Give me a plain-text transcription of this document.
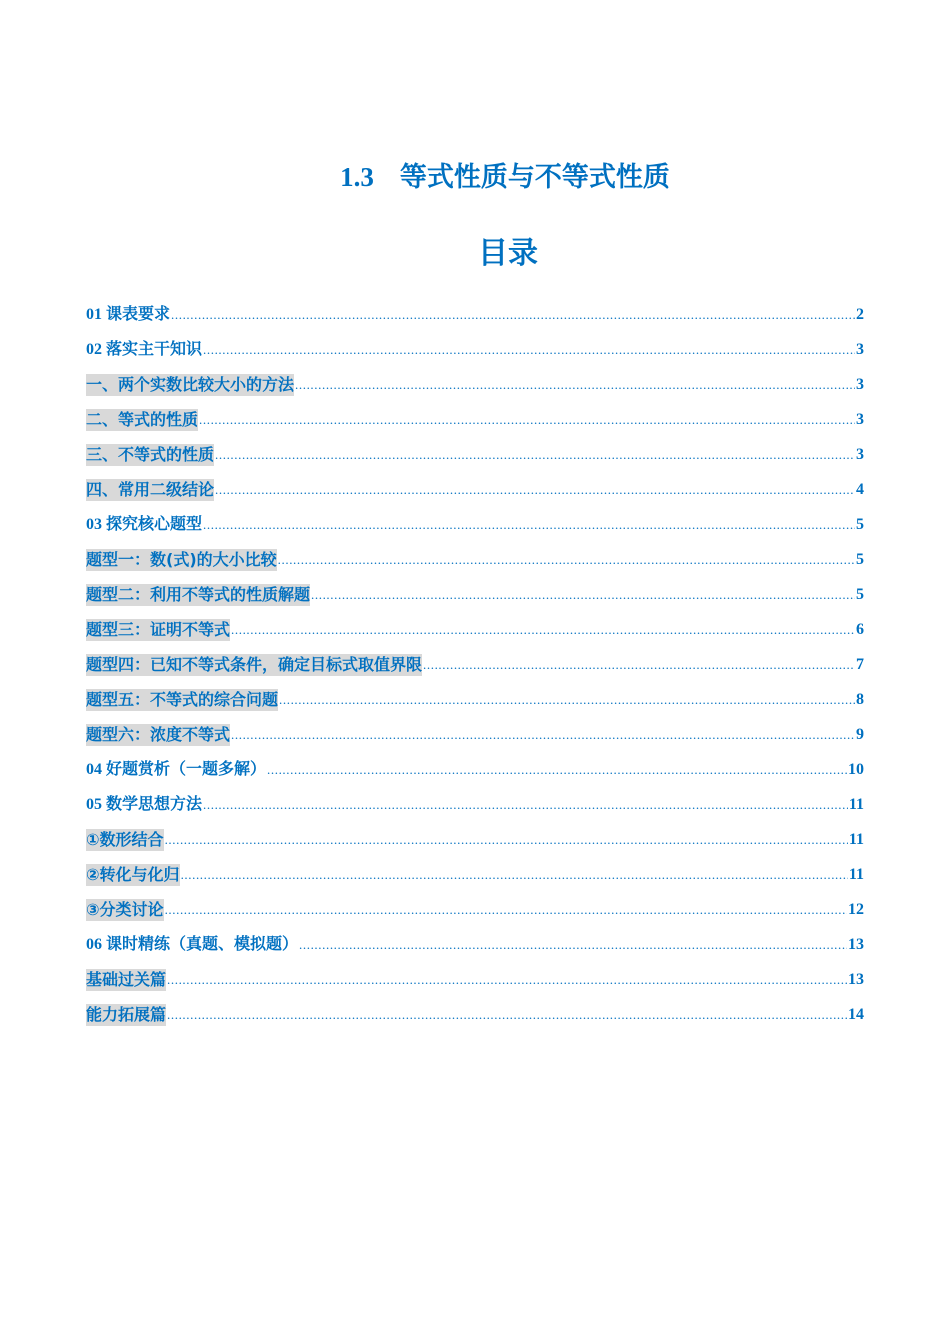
1.3 等式性质与不等式性质
目录
01 课表要求 .....	2
02 落实主干知识 .....	3
一、两个实数比较大小的方法 .....	3
二、等式的性质 .....	3
三、不等式的性质 .....	3
四、常用二级结论 .....	4
03 探究核心题型 .....	5
题型一：数(式)的大小比较 .....	5
题型二：利用不等式的性质解题 .....	5
题型三：证明不等式 .....	6
题型四：已知不等式条件，确定目标式取值界限 .....	7
题型五：不等式的综合问题 .....	8
题型六：浓度不等式 .....	9
04 好题赏析（一题多解） .....	10
05 数学思想方法 .....	11
①数形结合 .....	11
②转化与化归 .....	11
③分类讨论 .....	12
06 课时精练（真题、模拟题） .....	13
基础过关篇 .....	13
能力拓展篇 .....	14
